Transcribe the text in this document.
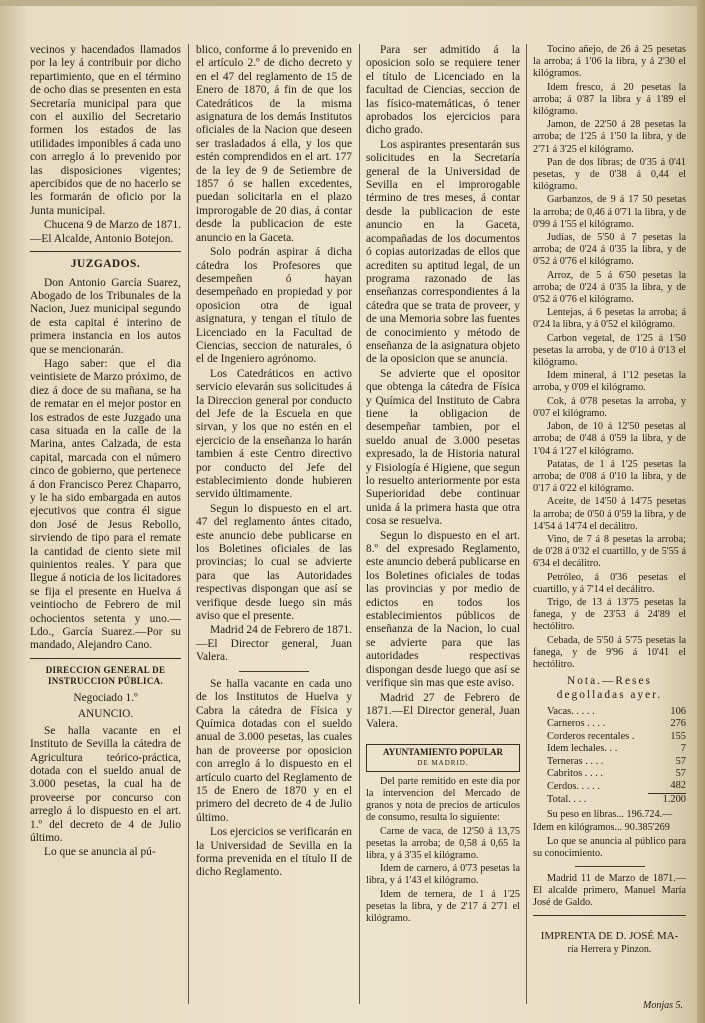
vecinos y hacendados llamados por la ley á contribuir por dicho repartimiento, que en el término de ocho dias se presenten en esta Secretaría municipal para que con el auxilio del Secretario formen los estados de las utilidades imponibles á cada uno con arreglo á lo prevenido por las disposiciones vigentes; apercibidos que de no hacerlo se les formarán de oficio por la Junta municipal.

Chucena 9 de Marzo de 1871.—El Alcalde, Antonio Botejon.

JUZGADOS.

Don Antonio García Suarez, Abogado de los Tribunales de la Nacion, Juez municipal segundo de esta capital é interino de primera instancia en los autos que se mencionarán.

Hago saber: que el dia veintisiete de Marzo próximo, de diez á doce de su mañana, se ha de rematar en el mejor postor en los estrados de este Juzgado una casa situada en la calle de la Marina, antes Calzada, de esta capital, marcada con el número cinco de gobierno, que pertenece á don Francisco Perez Chaparro, y le ha sido embargada en autos ejecutivos que contra él sigue don José de Jesus Rebollo, sirviendo de tipo para el remate la cantidad de ciento siete mil quinientos reales. Y para que llegue á noticia de los licitadores se fija el presente en Huelva á veintiocho de Febrero de mil ochocientos setenta y uno.—Ldo., García Suarez.—Por su mandado, Alejandro Cano.

DIRECCION GENERAL DE INSTRUCCION PÚBLICA.
Negociado 1.º
ANUNCIO.

Se halla vacante en el Instituto de Sevilla la cátedra de Agricultura teórico-práctica, dotada con el sueldo anual de 3.000 pesetas, la cual ha de proveerse por concurso con arreglo á lo dispuesto en el art. 1.º del decreto de 4 de Julio último.

Lo que se anuncia al pú-

blico, conforme á lo prevenido en el artículo 2.º de dicho decreto y en el 47 del reglamento de 15 de Enero de 1870, á fin de que los Catedráticos de la misma asignatura de los demás Institutos oficiales de la Nacion que deseen ser trasladados á ella, y los que estén comprendidos en el art. 177 de la ley de 9 de Setiembre de 1857 ó se hallen excedentes, puedan solicitarla en el plazo improrogable de 20 dias, á contar desde la publicacion de este anuncio en la Gaceta.

Solo podrán aspirar á dicha cátedra los Profesores que desempeñen ó hayan desempeñado en propiedad y por oposicion otra de igual asignatura, y tengan el título de Licenciado en la Facultad de Ciencias, seccion de naturales, ó el de Ingeniero agrónomo.

Los Catedráticos en activo servicio elevarán sus solicitudes á la Direccion general por conducto del Jefe de la Escuela en que sirvan, y los que no estén en el ejercicio de la enseñanza lo harán tambien á este Centro directivo por conducto del Jefe del establecimiento donde hubieren servido últimamente.

Segun lo dispuesto en el art. 47 del reglamento ántes citado, este anuncio debe publicarse en los Boletines oficiales de las provincias; lo cual se advierte para que las Autoridades respectivas dispongan que así se verifique desde luego sin más aviso que el presente.

Madrid 24 de Febrero de 1871.—El Director general, Juan Valera.

Se halla vacante en cada uno de los Institutos de Huelva y Cabra la cátedra de Física y Química dotadas con el sueldo anual de 3.000 pesetas, las cuales han de proveerse por oposicion con arreglo á lo dispuesto en el artículo cuarto del Reglamento de 15 de Enero de 1870 y en el primero del decreto de 4 de Julio último.

Los ejercicios se verificarán en la Universidad de Sevilla en la forma prevenida en el título II de dicho Reglamento.

Para ser admitido á la oposicion solo se requiere tener el título de Licenciado en la facultad de Ciencias, seccion de las físico-matemáticas, ó tener aprobados los ejercicios para dicho grado.

Los aspirantes presentarán sus solicitudes en la Secretaría general de la Universidad de Sevilla en el improrogable término de tres meses, á contar desde la publicacion de este anuncio en la Gaceta, acompañadas de los documentos ó copias autorizadas de ellos que acrediten su aptitud legal, de un programa razonado de las enseñanzas correspondientes á la cátedra que se trata de proveer, y de una Memoria sobre las fuentes de conocimiento y método de enseñanza de la asignatura objeto de la oposicion que se anuncia.

Se advierte que el opositor que obtenga la cátedra de Física y Química del Instituto de Cabra tiene la obligacion de desempeñar tambien, por el sueldo anual de 3.000 pesetas expresado, la de Historia natural y Fisiología é Higiene, que segun lo resuelto anteriormente por esta Superioridad debe continuar unida á la primera hasta que otra cosa se resuelva.

Segun lo dispuesto en el art. 8.º del expresado Reglamento, este anuncio deberá publicarse en los Boletines oficiales de todas las provincias y por medio de edictos en todos los establecimientos públicos de enseñanza de la Nacion, lo cual se advierte para que las autoridades respectivas dispongan desde luego que así se verifique sin mas que este aviso.

Madrid 27 de Febrero de 1871.—El Director general, Juan Valera.

AYUNTAMIENTO POPULAR
DE MADRID.

Del parte remitido en este dia por la intervencion del Mercado de granos y nota de precios de artículos de consumo, resulta lo siguiente:

Carne de vaca, de 12'50 á 13,75 pesetas la arroba; de 0,58 á 0,65 la libra, y á 3'35 el kilógramo.

Idem de carnero, á 0'73 pesetas la libra, y á 1'43 el kilógramo.

Idem de ternera, de 1 á 1'25 pesetas la libra, y de 2'17 á 2'71 el kilógramo.

Tocino añejo, de 26 á 25 pesetas la arroba; á 1'06 la libra, y á 2'30 el kilógramos.

Idem fresco, á 20 pesetas la arroba; á 0'87 la libra y á 1'89 el kilógramo.

Jamon, de 22'50 á 28 pesetas la arroba; de 1'25 á 1'50 la libra, y de 2'71 á 3'25 el kilógramo.

Pan de dos libras; de 0'35 á 0'41 pesetas, y de 0'38 á 0,44 el kilógramo.

Garbanzos, de 9 á 17 50 pesetas la arroba; de 0,46 á 0'71 la libra, y de 0'99 á 1'55 el kilógramo.

Judías, de 5'50 á 7 pesetas la arroba; de 0'24 á 0'35 la libra, y de 0'52 á 0'76 el kilógramo.

Arroz, de 5 á 6'50 pesetas la arroba; de 0'24 á 0'35 la libra, y de 0'52 á 0'76 el kilógramo.

Lentejas, á 6 pesetas la arroba; á 0'24 la libra, y á 0'52 el kilógramo.

Carbon vegetal, de 1'25 á 1'50 pesetas la arroba, y de 0'10 á 0'13 el kilógramo.

Idem mineral, á 1'12 pesetas la arroba, y 0'09 el kilógramo.

Cok, á 0'78 pesetas la arroba, y 0'07 el kilógramo.

Jabon, de 10 á 12'50 pesetas al arroba; de 0'48 á 0'59 la libra, y de 1'04 á 1'27 el kilógramo.

Patatas, de 1 á 1'25 pesetas la arroba; de 0'08 á 0'10 la libra, y de 0'17 á 0'22 el kilógramo.

Aceite, de 14'50 á 14'75 pesetas la arroba; de 0'50 á 0'59 la libra, y de 14'54 á 14'74 el decálitro.

Vino, de 7 á 8 pesetas la arroba; de 0'28 á 0'32 el cuartillo, y de 5'55 á 6'34 el decálitro.

Petróleo, á 0'36 pesetas el cuartillo, y á 7'14 el decálitro.

Trigo, de 13 á 13'75 pesetas la fanega, y de 23'53 á 24'89 el hectólitro.

Cebada, de 5'50 á 5'75 pesetas la fanega, y de 9'96 á 10'41 el hectólitro.

Nota.—Reses degolladas ayer.
Vacas. . . . .	106
Carneros . . . .	276
Corderos recentales .	155
Idem lechales. . .	7
Terneras . . . .	57
Cabritos . . . .	57
Cerdos. . . . .	482
Total. . . .	1.200

Su peso en libras... 196.724.—

Idem en kilógramos... 90.385'269

Lo que se anuncia al público para su conocimiento.

Madrid 11 de Marzo de 1871.—El alcalde primero, Manuel María José de Galdo.

IMPRENTA DE D. JOSÉ MA-
ría Herrera y Pinzon.
Monjas 5.
